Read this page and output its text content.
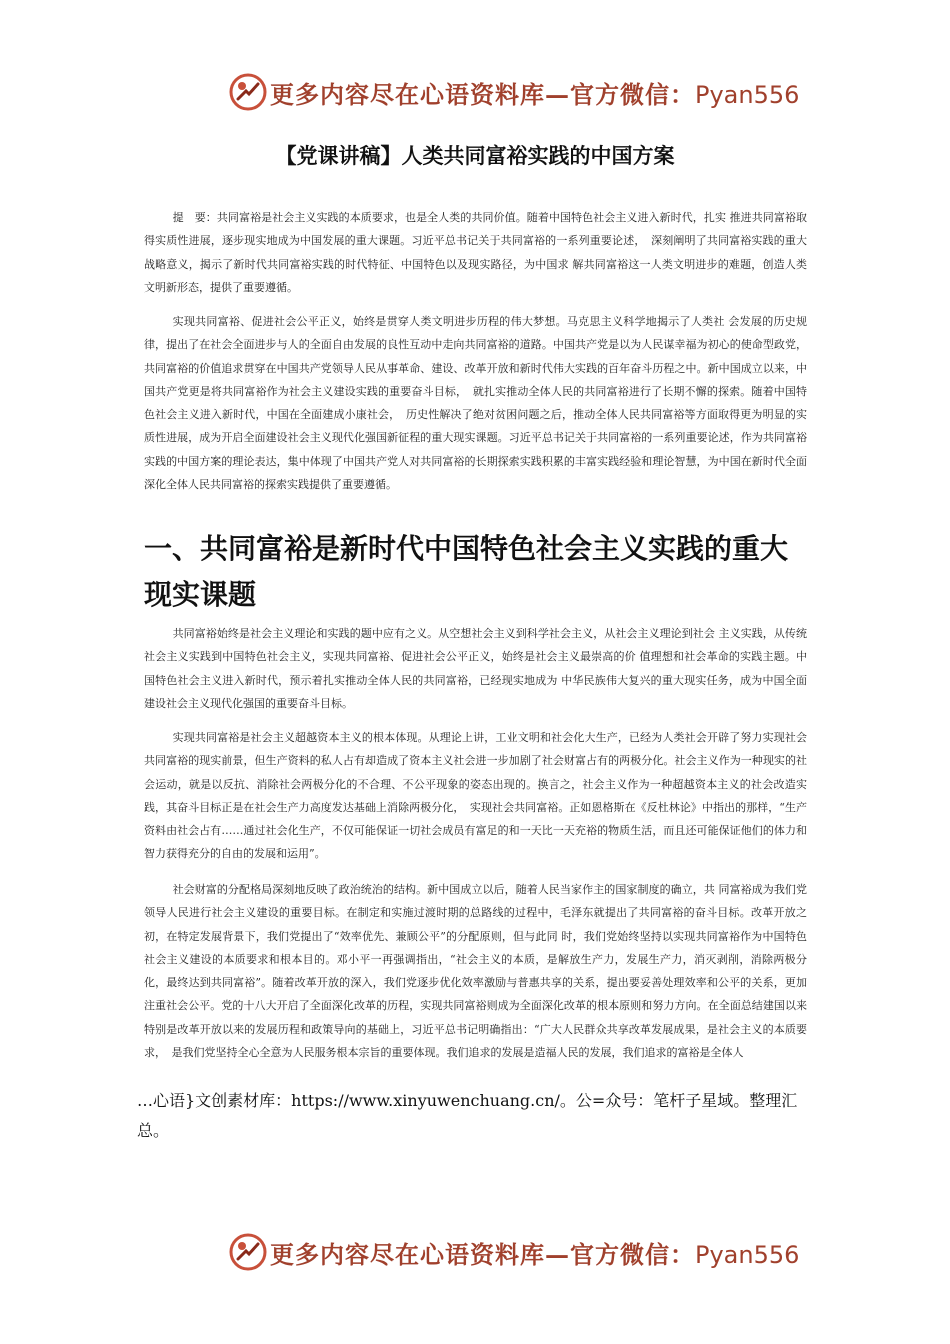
更多内容尽在心语资料库—官方微信：Pyan556
【党课讲稿】人类共同富裕实践的中国方案

提　要：共同富裕是社会主义实践的本质要求，也是全人类的共同价值。随着中国特色社会主义进入新时代，扎实 推进共同富裕取得实质性进展，逐步现实地成为中国发展的重大课题。习近平总书记关于共同富裕的一系列重要论述，　深刻阐明了共同富裕实践的重大战略意义，揭示了新时代共同富裕实践的时代特征、中国特色以及现实路径，为中国求 解共同富裕这一人类文明进步的难题，创造人类文明新形态，提供了重要遵循。

实现共同富裕、促进社会公平正义，始终是贯穿人类文明进步历程的伟大梦想。马克思主义科学地揭示了人类社 会发展的历史规律，提出了在社会全面进步与人的全面自由发展的良性互动中走向共同富裕的道路。中国共产党是以为人民谋幸福为初心的使命型政党，共同富裕的价值追求贯穿在中国共产党领导人民从事革命、建设、改革开放和新时代伟大实践的百年奋斗历程之中。新中国成立以来，中国共产党更是将共同富裕作为社会主义建设实践的重要奋斗目标，　就扎实推动全体人民的共同富裕进行了长期不懈的探索。随着中国特色社会主义进入新时代，中国在全面建成小康社会，　历史性解决了绝对贫困问题之后，推动全体人民共同富裕等方面取得更为明显的实质性进展，成为开启全面建设社会主义现代化强国新征程的重大现实课题。习近平总书记关于共同富裕的一系列重要论述，作为共同富裕实践的中国方案的理论表达，集中体现了中国共产党人对共同富裕的长期探索实践积累的丰富实践经验和理论智慧，为中国在新时代全面深化全体人民共同富裕的探索实践提供了重要遵循。

一、共同富裕是新时代中国特色社会主义实践的重大现实课题

共同富裕始终是社会主义理论和实践的题中应有之义。从空想社会主义到科学社会主义，从社会主义理论到社会 主义实践，从传统社会主义实践到中国特色社会主义，实现共同富裕、促进社会公平正义，始终是社会主义最崇高的价 值理想和社会革命的实践主题。中国特色社会主义进入新时代，预示着扎实推动全体人民的共同富裕，已经现实地成为 中华民族伟大复兴的重大现实任务，成为中国全面建设社会主义现代化强国的重要奋斗目标。

实现共同富裕是社会主义超越资本主义的根本体现。从理论上讲，工业文明和社会化大生产，已经为人类社会开辟了努力实现社会共同富裕的现实前景，但生产资料的私人占有却造成了资本主义社会进一步加剧了社会财富占有的两极分化。社会主义作为一种现实的社会运动，就是以反抗、消除社会两极分化的不合理、不公平现象的姿态出现的。换言之，社会主义作为一种超越资本主义的社会改造实践，其奋斗目标正是在社会生产力高度发达基础上消除两极分化，　实现社会共同富裕。正如恩格斯在《反杜林论》中指出的那样，“生产资料由社会占有……通过社会化生产，不仅可能保证一切社会成员有富足的和一天比一天充裕的物质生活，而且还可能保证他们的体力和智力获得充分的自由的发展和运用”。

社会财富的分配格局深刻地反映了政治统治的结构。新中国成立以后，随着人民当家作主的国家制度的确立，共 同富裕成为我们党领导人民进行社会主义建设的重要目标。在制定和实施过渡时期的总路线的过程中，毛泽东就提出了共同富裕的奋斗目标。改革开放之初，在特定发展背景下，我们党提出了“效率优先、兼顾公平”的分配原则，但与此同 时，我们党始终坚持以实现共同富裕作为中国特色社会主义建设的本质要求和根本目的。邓小平一再强调指出，“社会主义的本质，是解放生产力，发展生产力，消灭剥削，消除两极分化，最终达到共同富裕”。随着改革开放的深入，我们党逐步优化效率激励与普惠共享的关系，提出要妥善处理效率和公平的关系，更加注重社会公平。党的十八大开启了全面深化改革的历程，实现共同富裕则成为全面深化改革的根本原则和努力方向。在全面总结建国以来特别是改革开放以来的发展历程和政策导向的基础上，习近平总书记明确指出：“广大人民群众共享改革发展成果，是社会主义的本质要求，　是我们党坚持全心全意为人民服务根本宗旨的重要体现。我们追求的发展是造福人民的发展，我们追求的富裕是全体人

…心语}文创素材库：https://www.xinyuwenchuang.cn/。公=众号：笔杆子星域。整理汇总。

更多内容尽在心语资料库—官方微信：Pyan556
